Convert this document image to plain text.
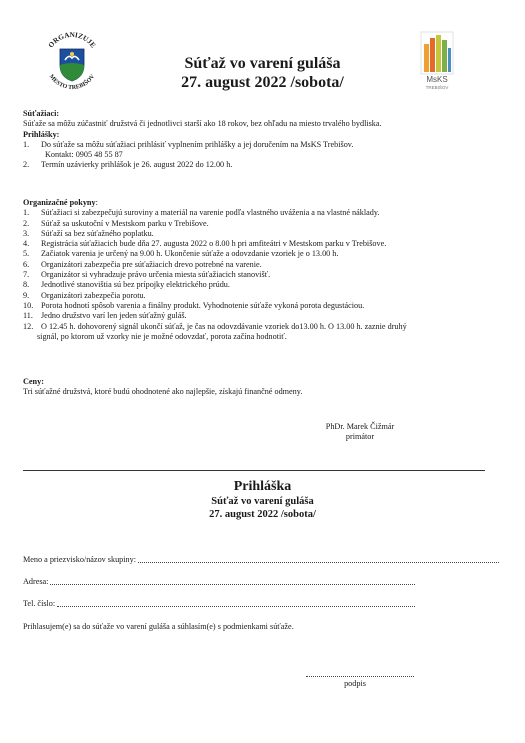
ORGANIZUJE
MESTO TREBIŠOV	MsKS
TREBIŠOV
Súťaž vo varení guláša
27. august 2022 /sobota/
Súťažiaci:
Súťaže sa môžu zúčastniť družstvá či jednotlivci starší ako 18 rokov, bez ohľadu na miesto trvalého bydliska.
Prihlášky:
1.	Do súťaže sa môžu súťažiaci prihlásiť vyplnením prihlášky a jej doručením na MsKS Trebišov.
Kontakt: 0905 48 55 87
2.	Termín uzávierky prihlášok je 26. august 2022 do 12.00 h.
Organizačné pokyny:
1.	Súťažiaci si zabezpečujú suroviny a materiál na varenie podľa vlastného uváženia a na vlastné náklady.
2.	Súťaž sa uskutoční v Mestskom parku v Trebišove.
3.	Súťaží sa bez súťažného poplatku.
4.	Registrácia súťažiacich bude dňa 27. augusta 2022 o 8.00 h pri amfiteátri v Mestskom parku v Trebišove.
5.	Začiatok varenia je určený na 9.00 h. Ukončenie súťaže a odovzdanie vzoriek je o 13.00 h.
6.	Organizátori zabezpečia pre súťažiacich drevo potrebné na varenie.
7.	Organizátor si vyhradzuje právo určenia miesta súťažiacich stanovišť.
8.	Jednotlivé stanovištia sú bez prípojky elektrického prúdu.
9.	Organizátori zabezpečia porotu.
10. Porota hodnotí spôsob varenia a finálny produkt. Vyhodnotenie súťaže vykoná porota degustáciou.
11. Jedno družstvo varí len jeden súťažný guláš.
12. O 12.45 h. dohovorený signál ukončí súťaž, je čas na odovzdávanie vzoriek do13.00 h. O 13.00 h. zaznie druhý
signál, po ktorom už vzorky nie je možné odovzdať, porota začína hodnotiť.
Ceny:
Tri súťažné družstvá, ktoré budú ohodnotené ako najlepšie, získajú finančné odmeny.
PhDr. Marek Čižmár
primátor
Prihláška
Súťaž vo varení guláša
27. august 2022 /sobota/
Meno a priezvisko/názov skupiny:
Adresa:
Tel. číslo:
Prihlasujem(e) sa do súťaže vo varení guláša a súhlasím(e) s podmienkami súťaže.
podpis
